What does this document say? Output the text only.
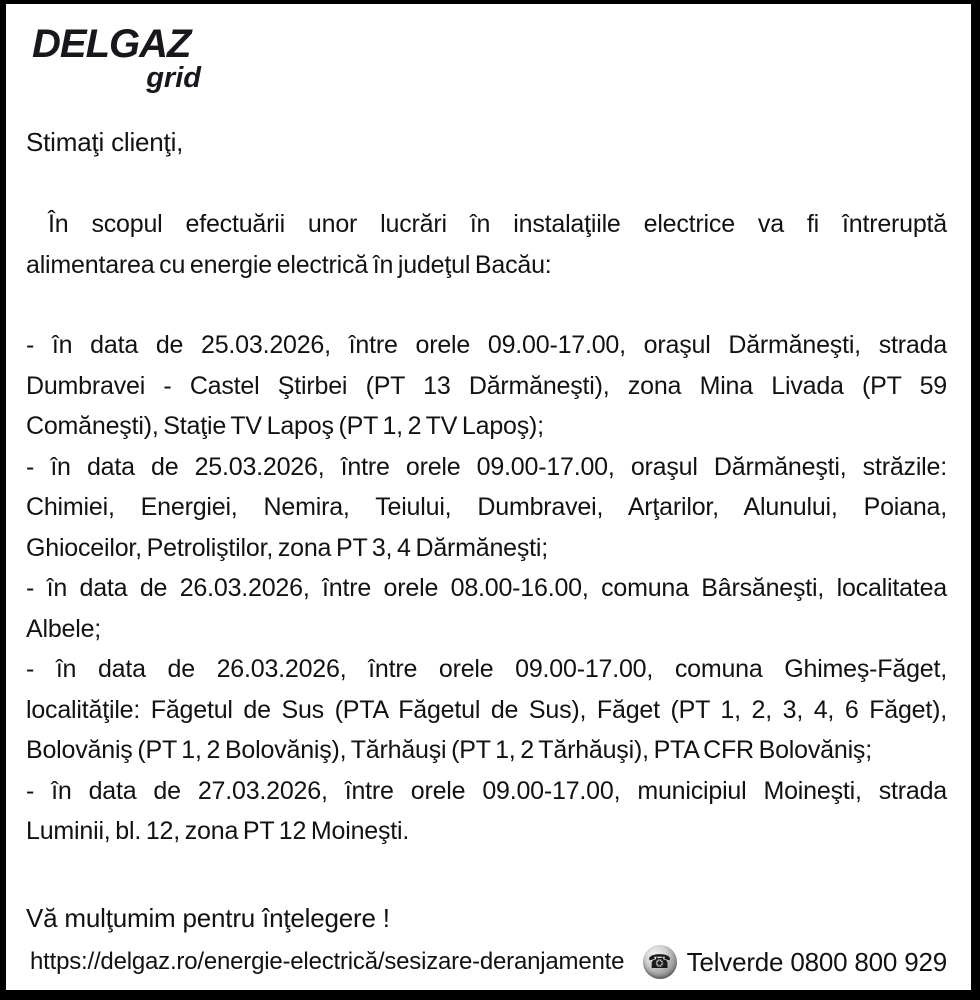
DELGAZ
grid
Stimaţi clienţi,
În scopul efectuării unor lucrări în instalaţiile electrice va fi întreruptă
alimentarea cu energie electrică în judeţul Bacău:
- în data de 25.03.2026, între orele 09.00-17.00, oraşul Dărmăneşti, strada
Dumbravei - Castel Ştirbei (PT 13 Dărmăneşti), zona Mina Livada (PT 59
Comăneşti), Staţie TV Lapoş (PT 1, 2 TV Lapoş);
- în data de 25.03.2026, între orele 09.00-17.00, oraşul Dărmăneşti, străzile:
Chimiei, Energiei, Nemira, Teiului, Dumbravei, Arţarilor, Alunului, Poiana,
Ghioceilor, Petroliştilor, zona PT 3, 4 Dărmăneşti;
- în data de 26.03.2026, între orele 08.00-16.00, comuna Bârsăneşti, localitatea
Albele;
- în data de 26.03.2026, între orele 09.00-17.00, comuna Ghimeş-Făget,
localităţile: Făgetul de Sus (PTA Făgetul de Sus), Făget (PT 1, 2, 3, 4, 6 Făget),
Bolovăniş (PT 1, 2 Bolovăniş), Tărhăuşi (PT 1, 2 Tărhăuşi), PTA CFR Bolovăniş;
- în data de 27.03.2026, între orele 09.00-17.00, municipiul Moineşti, strada
Luminii, bl. 12, zona PT 12 Moineşti.
Vă mulţumim pentru înţelegere !
https://delgaz.ro/energie-electrică/sesizare-deranjamente ☎ Telverde 0800 800 929
